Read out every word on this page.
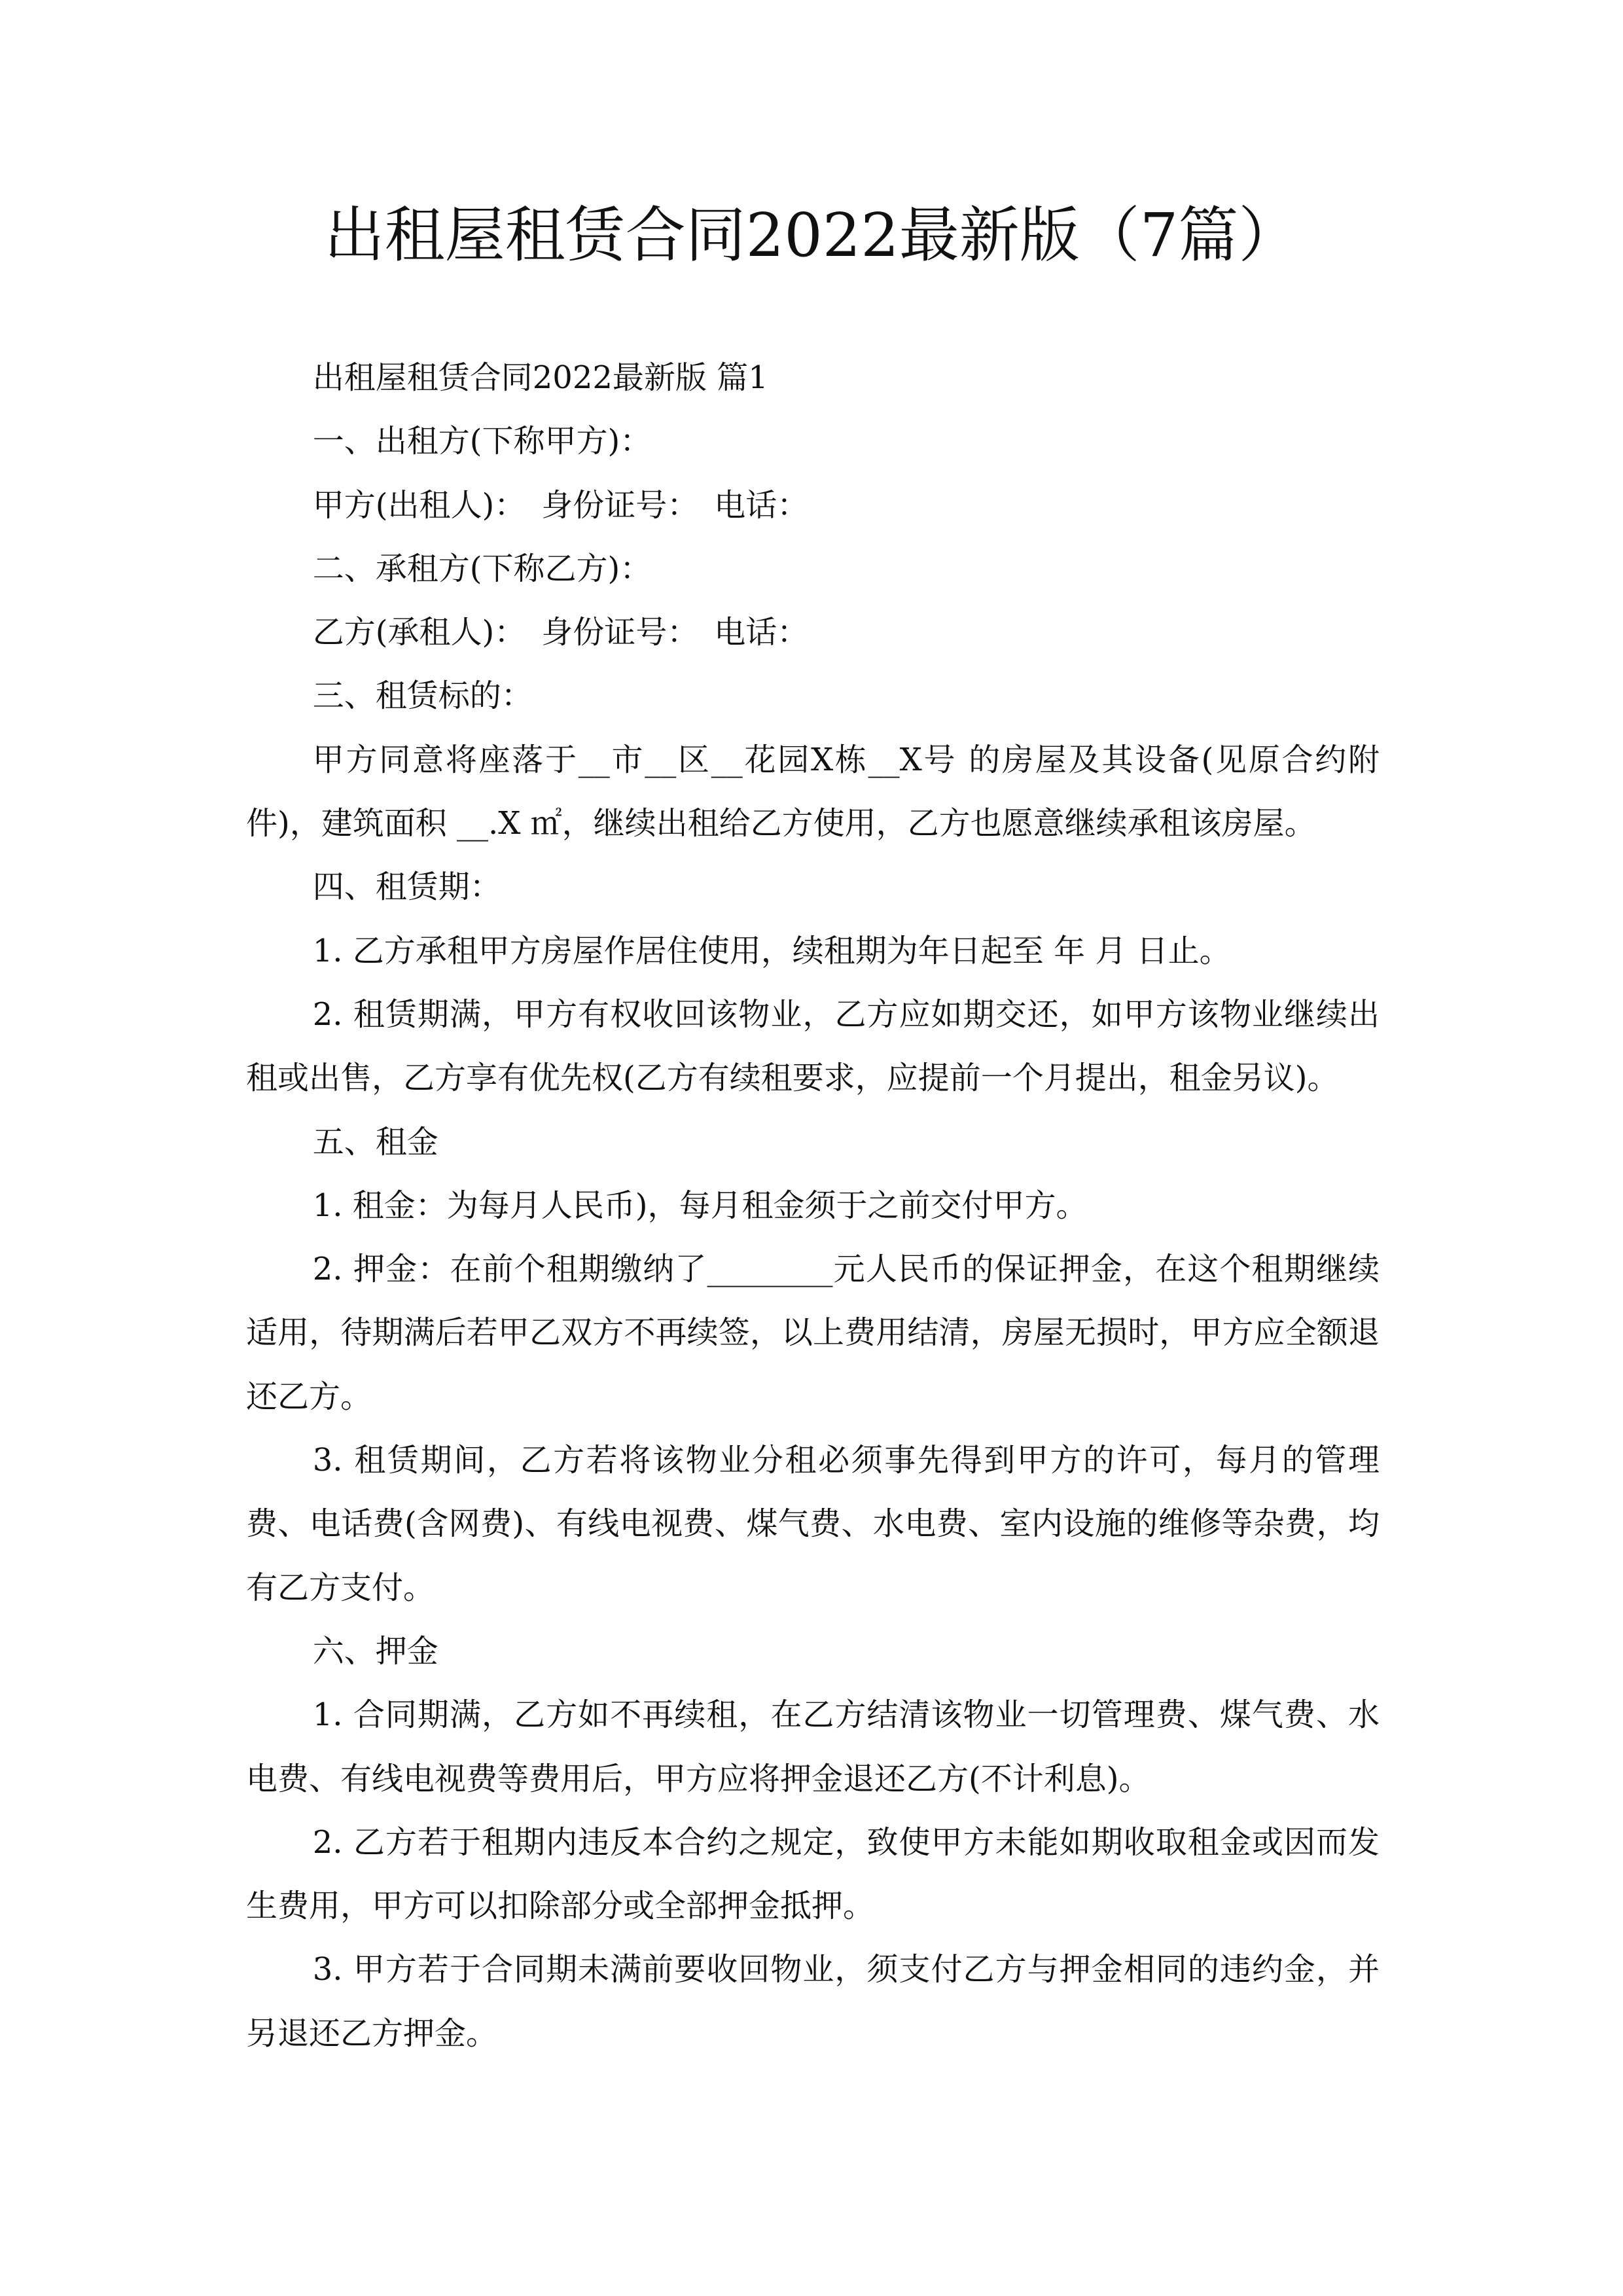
出租屋租赁合同2022最新版（7篇）

出租屋租赁合同2022最新版 篇1

一、出租方(下称甲方)：

甲方(出租人)：　身份证号：　电话：

二、承租方(下称乙方)：

乙方(承租人)：　身份证号：　电话：

三、租赁标的：

甲方同意将座落于__市__区__花园X栋__X号 的房屋及其设备(见原合约附件)，建筑面积 __.X ㎡，继续出租给乙方使用，乙方也愿意继续承租该房屋。

四、租赁期：

1. 乙方承租甲方房屋作居住使用，续租期为年日起至 年 月 日止。

2. 租赁期满，甲方有权收回该物业，乙方应如期交还，如甲方该物业继续出租或出售，乙方享有优先权(乙方有续租要求，应提前一个月提出，租金另议)。

五、租金

1. 租金：为每月人民币)，每月租金须于之前交付甲方。

2. 押金：在前个租期缴纳了________元人民币的保证押金，在这个租期继续适用，待期满后若甲乙双方不再续签，以上费用结清，房屋无损时，甲方应全额退还乙方。

3. 租赁期间，乙方若将该物业分租必须事先得到甲方的许可，每月的管理费、电话费(含网费)、有线电视费、煤气费、水电费、室内设施的维修等杂费，均有乙方支付。

六、押金

1. 合同期满，乙方如不再续租，在乙方结清该物业一切管理费、煤气费、水电费、有线电视费等费用后，甲方应将押金退还乙方(不计利息)。

2. 乙方若于租期内违反本合约之规定，致使甲方未能如期收取租金或因而发生费用，甲方可以扣除部分或全部押金抵押。

3. 甲方若于合同期未满前要收回物业，须支付乙方与押金相同的违约金，并另退还乙方押金。
